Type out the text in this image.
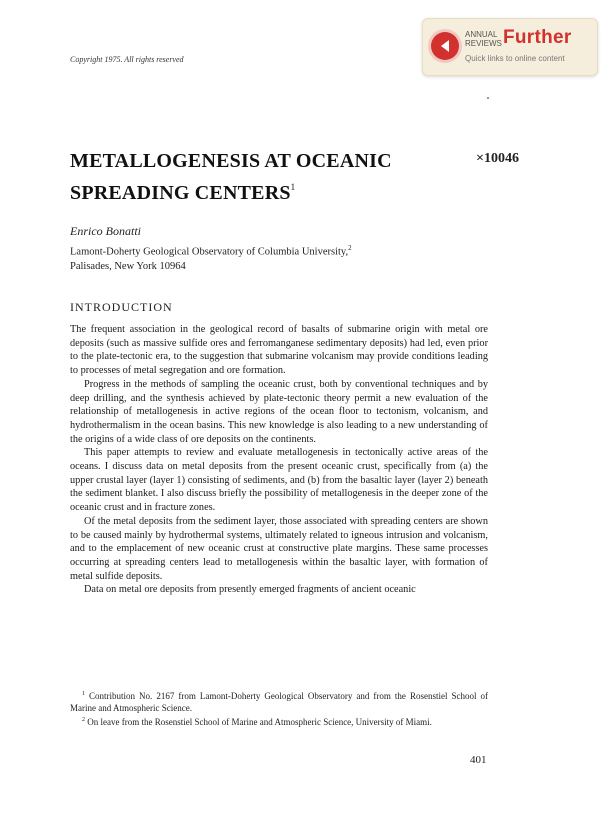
Copyright 1975. All rights reserved
ANNUAL REVIEWS Further
Quick links to online content
METALLOGENESIS AT OCEANIC SPREADING $CENTERS^1$
×10046
Enrico Bonatti
Lamont-Doherty Geological Observatory of Columbia University,$^2$
Palisades, New York 10964
INTRODUCTION

The frequent association in the geological record of basalts of submarine origin with metal ore deposits (such as massive sulfide ores and ferromanganese sedimentary deposits) had led, even prior to the plate-tectonic era, to the suggestion that submarine volcanism may provide conditions leading to processes of metal segregation and ore formation.

Progress in the methods of sampling the oceanic crust, both by conventional techniques and by deep drilling, and the synthesis achieved by plate-tectonic theory permit a new evaluation of the relationship of metallogenesis in active regions of the ocean floor to tectonism, volcanism, and hydrothermalism in the ocean basins. This new knowledge is also leading to a new understanding of the origins of a wide class of ore deposits on the continents.

This paper attempts to review and evaluate metallogenesis in tectonically active areas of the oceans. I discuss data on metal deposits from the present oceanic crust, specifically from (a) the upper crustal layer (layer 1) consisting of sediments, and (b) from the basaltic layer (layer 2) beneath the sediment blanket. I also discuss briefly the possibility of metallogenesis in the deeper zone of the oceanic crust and in fracture zones.

Of the metal deposits from the sediment layer, those associated with spreading centers are shown to be caused mainly by hydrothermal systems, ultimately related to igneous intrusion and volcanism, and to the emplacement of new oceanic crust at constructive plate margins. These same processes occurring at spreading centers lead to metallogenesis within the basaltic layer, with formation of metal sulfide deposits.

Data on metal ore deposits from presently emerged fragments of ancient oceanic

$^1$ Contribution No. 2167 from Lamont-Doherty Geological Observatory and from the Rosenstiel School of Marine and Atmospheric Science.

$^2$ On leave from the Rosenstiel School of Marine and Atmospheric Science, University of Miami.

401
